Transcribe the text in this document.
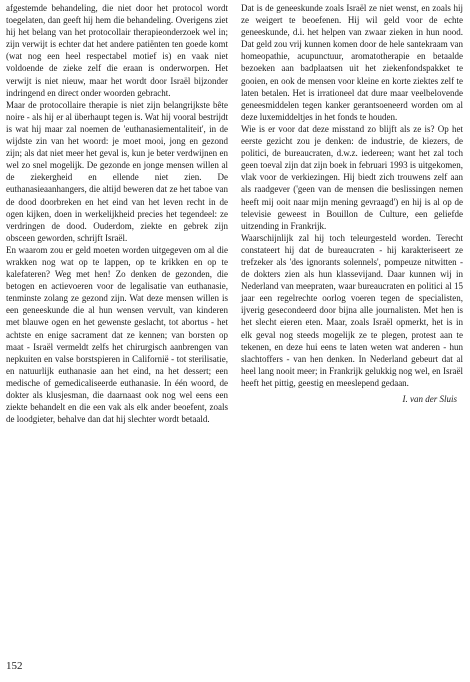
afgestemde behandeling, die niet door het protocol wordt toegelaten, dan geeft hij hem die behandeling. Overigens ziet hij het belang van het protocollair therapieonderzoek wel in; zijn verwijt is echter dat het andere patiënten ten goede komt (wat nog een heel respectabel motief is) en vaak niet voldoende de zieke zelf die eraan is onderworpen. Het verwijt is niet nieuw, maar het wordt door Israël bijzonder indringend en direct onder woorden gebracht.

Maar de protocollaire therapie is niet zijn belangrijkste bête noire - als hij er al überhaupt tegen is. Wat hij vooral bestrijdt is wat hij maar zal noemen de 'euthanasiementaliteit', in de wijdste zin van het woord: je moet mooi, jong en gezond zijn; als dat niet meer het geval is, kun je beter verdwijnen en wel zo snel mogelijk. De gezonde en jonge mensen willen al de ziekergheid en ellende niet zien. De euthanasieaanhangers, die altijd beweren dat ze het taboe van de dood doorbreken en het eind van het leven recht in de ogen kijken, doen in werkelijkheid precies het tegendeel: ze verdringen de dood. Ouderdom, ziekte en gebrek zijn obsceen geworden, schrijft Israël.

En waarom zou er geld moeten worden uitgegeven om al die wrakken nog wat op te lappen, op te krikken en op te kalefateren? Weg met hen! Zo denken de gezonden, die betogen en actievoeren voor de legalisatie van euthanasie, tenminste zolang ze gezond zijn. Wat deze mensen willen is een geneeskunde die al hun wensen vervult, van kinderen met blauwe ogen en het gewenste geslacht, tot abortus - het achtste en enige sacrament dat ze kennen; van borsten op maat - Israël vermeldt zelfs het chirurgisch aanbrengen van nepkuiten en valse borstspieren in Californië - tot sterilisatie, en natuurlijk euthanasie aan het eind, na het dessert; een medische of gemedicaliseerde euthanasie. In één woord, de dokter als klusjesman, die daarnaast ook nog wel eens een ziekte behandelt en die een vak als elk ander beoefent, zoals de loodgieter, behalve dan dat hij slechter wordt betaald.

Dat is de geneeskunde zoals Israël ze niet wenst, en zoals hij ze weigert te beoefenen. Hij wil geld voor de echte geneeskunde, d.i. het helpen van zwaar zieken in hun nood. Dat geld zou vrij kunnen komen door de hele santekraam van homeopathie, acupunctuur, aromatotherapie en betaalde bezoeken aan badplaatsen uit het ziekenfondspakket te gooien, en ook de mensen voor kleine en korte ziektes zelf te laten betalen. Het is irrationeel dat dure maar veelbelovende geneesmiddelen tegen kanker gerantsoeneerd worden om al deze luxemiddeltjes in het fonds te houden.

Wie is er voor dat deze misstand zo blijft als ze is? Op het eerste gezicht zou je denken: de industrie, de kiezers, de politici, de bureaucraten, d.w.z. iedereen; want het zal toch geen toeval zijn dat zijn boek in februari 1993 is uitgekomen, vlak voor de verkiezingen. Hij biedt zich trouwens zelf aan als raadgever ('geen van de mensen die beslissingen nemen heeft mij ooit naar mijn mening gevraagd') en hij is al op de televisie geweest in Bouillon de Culture, een geliefde uitzending in Frankrijk.

Waarschijnlijk zal hij toch teleurgesteld worden. Terecht constateert hij dat de bureaucraten - hij karakteriseert ze trefzeker als 'des ignorants solennels', pompeuze nitwitten - de dokters zien als hun klassevijand. Daar kunnen wij in Nederland van meepraten, waar bureaucraten en politici al 15 jaar een regelrechte oorlog voeren tegen de specialisten, ijverig gesecondeerd door bijna alle journalisten. Met hen is het slecht eieren eten. Maar, zoals Israël opmerkt, het is in elk geval nog steeds mogelijk ze te plegen, protest aan te tekenen, en deze hui eens te laten weten wat anderen - hun slachtoffers - van hen denken. In Nederland gebeurt dat al heel lang nooit meer; in Frankrijk gelukkig nog wel, en Israël heeft het pittig, geestig en meeslepend gedaan.

I. van der Sluis
152
